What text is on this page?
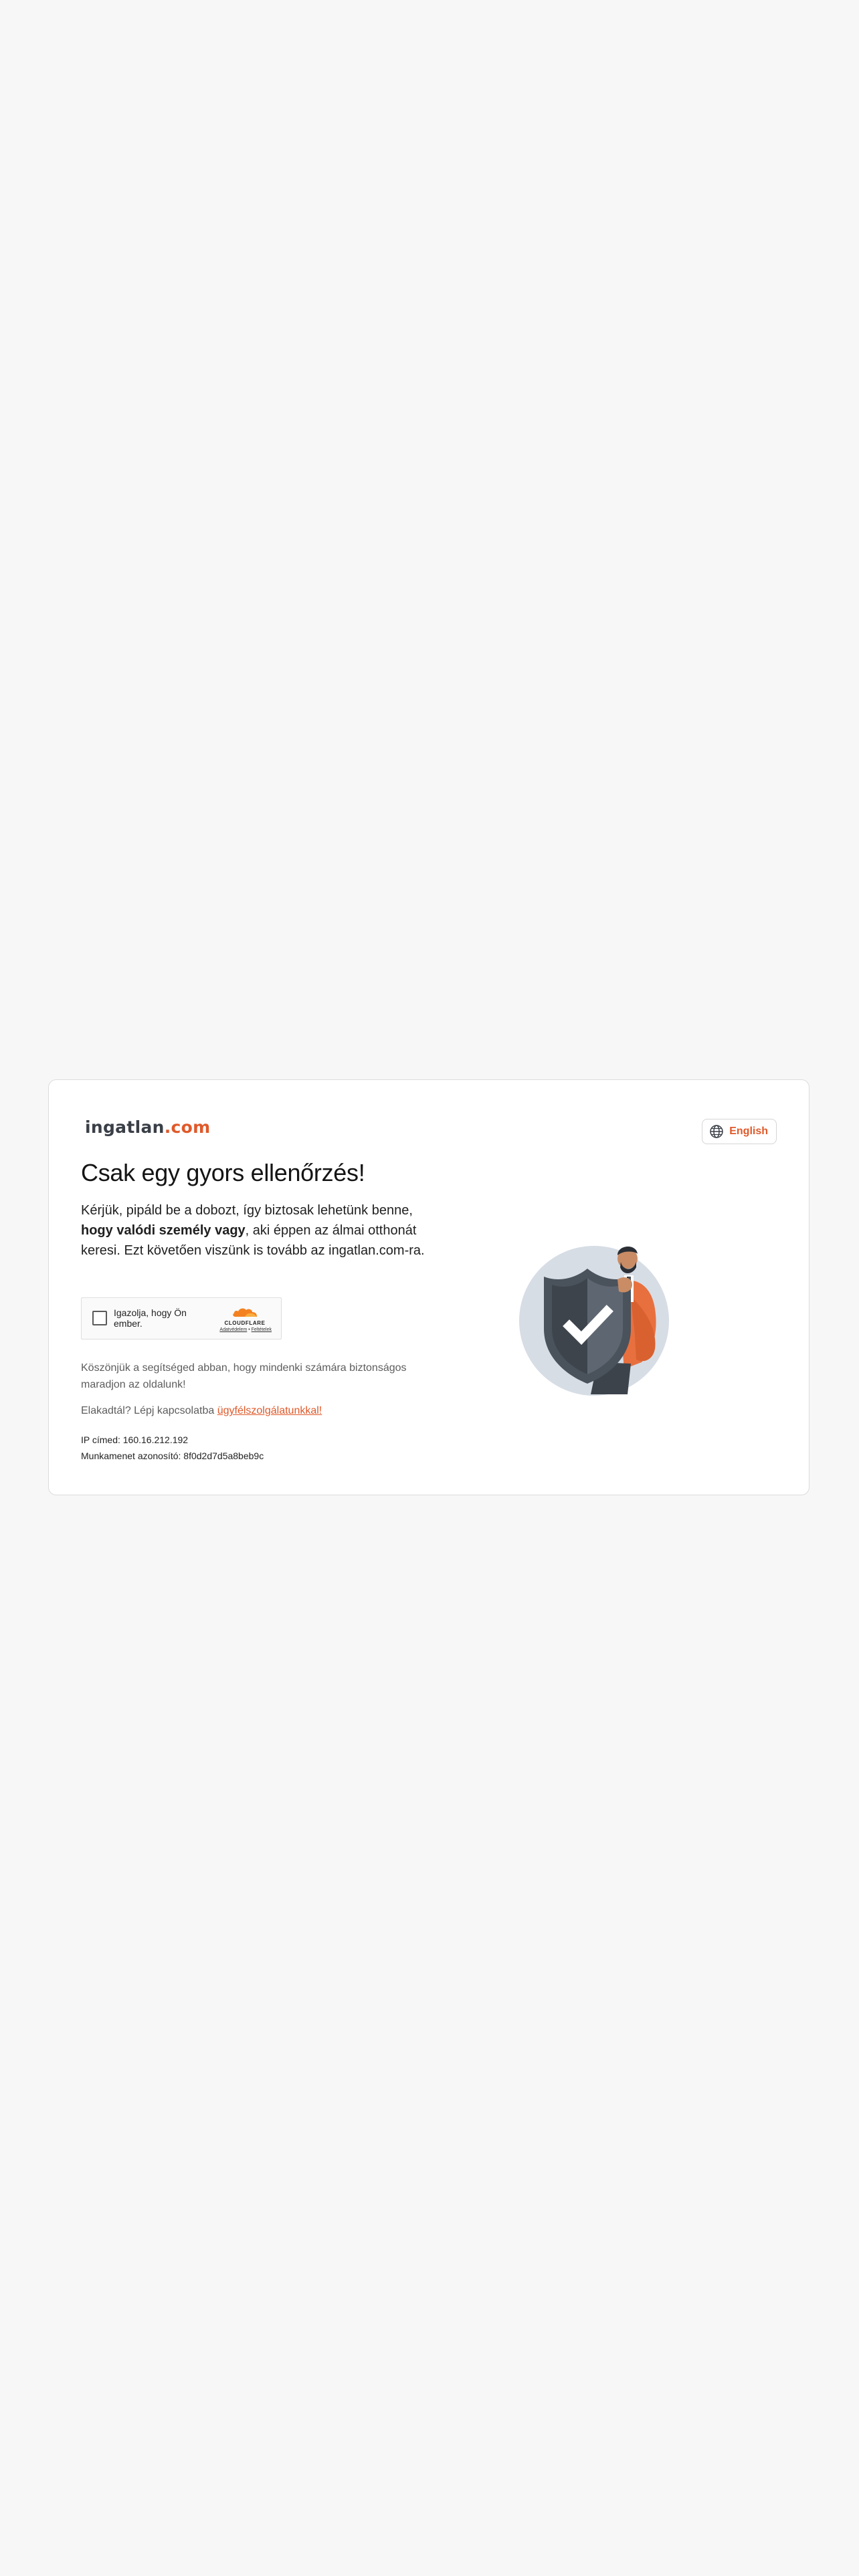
ingatlan .com	English
Csak egy gyors ellenőrzés!

Kérjük, pipáld be a dobozt, így biztosak lehetünk benne, hogy valódi személy vagy, aki éppen az álmai otthonát keresi. Ezt követően viszünk is tovább az ingatlan.com-ra.

Igazolja, hogy Ön ember.	CLOUDFLARE
Adatvédelem • Feltételek

Köszönjük a segítséged abban, hogy mindenki számára biztonságos maradjon az oldalunk!

Elakadtál? Lépj kapcsolatba ügyfélszolgálatunkkal!

IP címed: 160.16.212.192

Munkamenet azonosító: 8f0d2d7d5a8beb9c
